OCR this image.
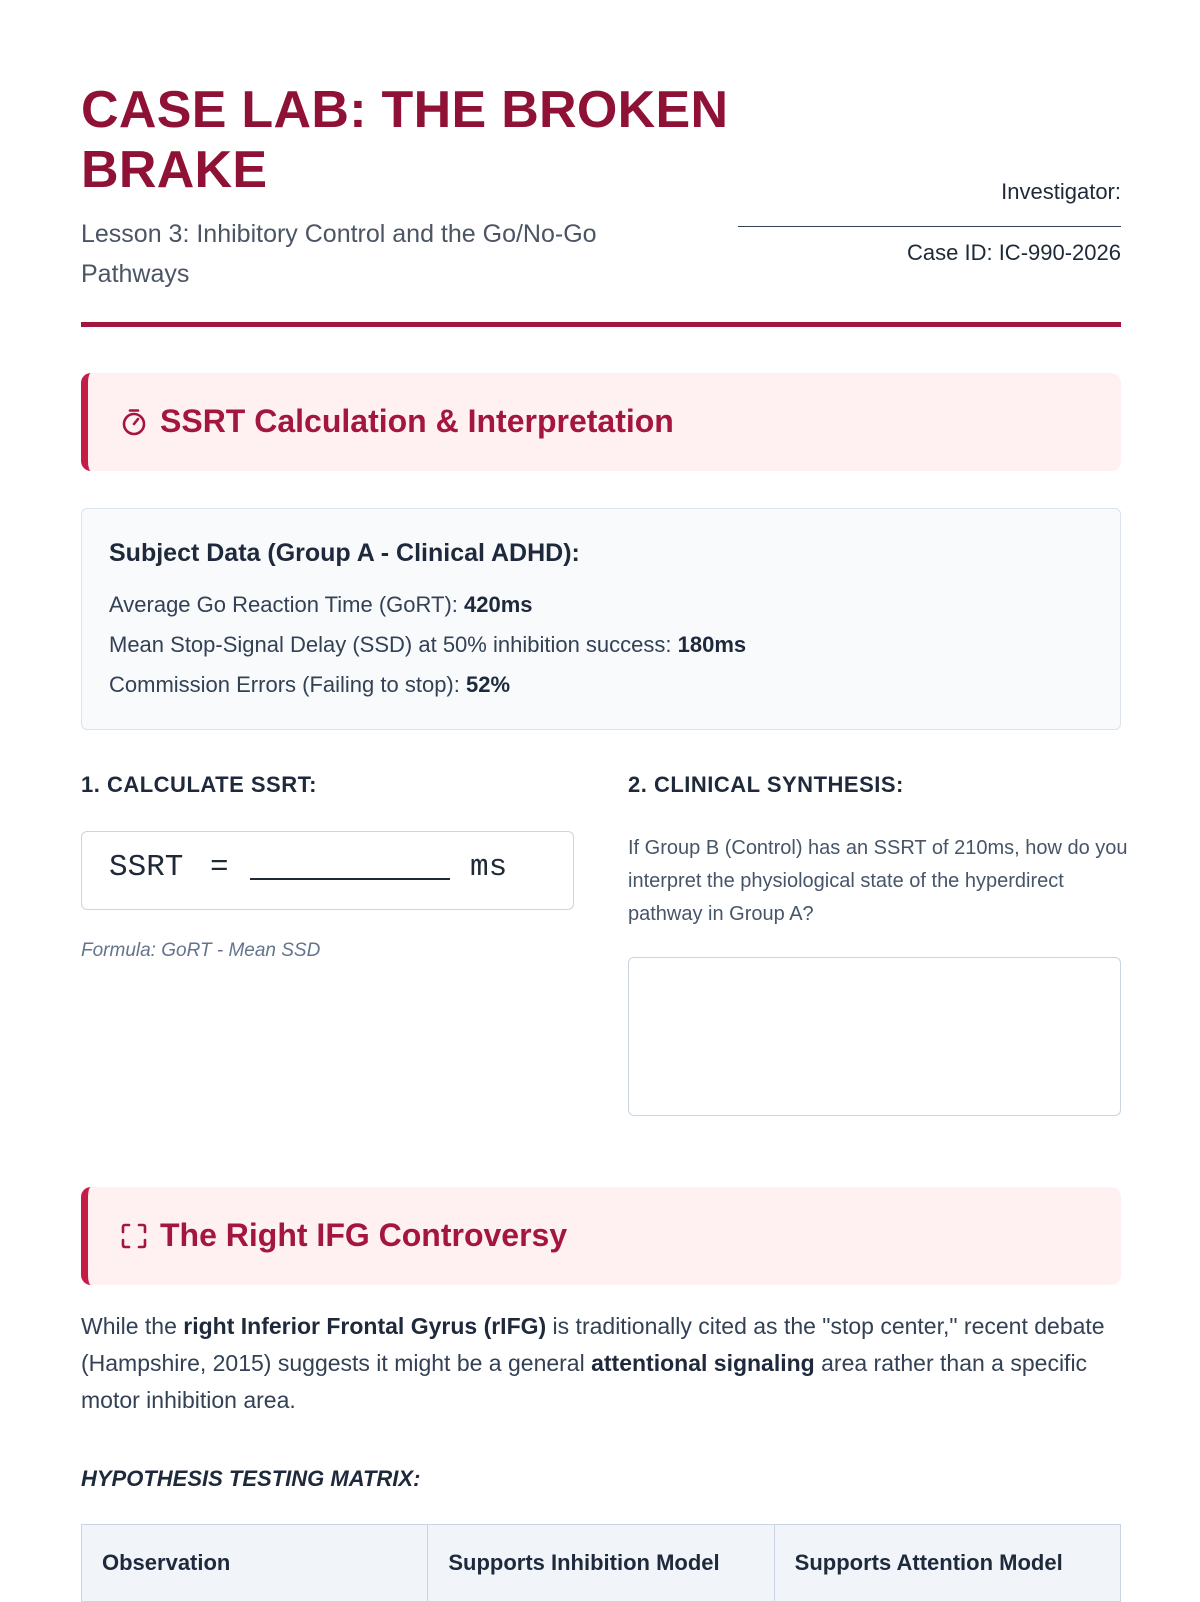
CASE LAB: THE BROKEN BRAKE
Lesson 3: Inhibitory Control and the Go/No-Go Pathways
Investigator:
Case ID: IC-990-2026
SSRT Calculation & Interpretation
Subject Data (Group A - Clinical ADHD):
Average Go Reaction Time (GoRT): 420ms
Mean Stop-Signal Delay (SSD) at 50% inhibition success: 180ms
Commission Errors (Failing to stop): 52%
1. CALCULATE SSRT:
SSRT =	ms
Formula: GoRT - Mean SSD
2. CLINICAL SYNTHESIS:
If Group B (Control) has an SSRT of 210ms, how do you interpret the physiological state of the hyperdirect pathway in Group A?
The Right IFG Controversy
While the right Inferior Frontal Gyrus (rIFG) is traditionally cited as the "stop center," recent debate (Hampshire, 2015) suggests it might be a general attentional signaling area rather than a specific motor inhibition area.
HYPOTHESIS TESTING MATRIX:
Observation	Supports Inhibition Model	Supports Attention Model
